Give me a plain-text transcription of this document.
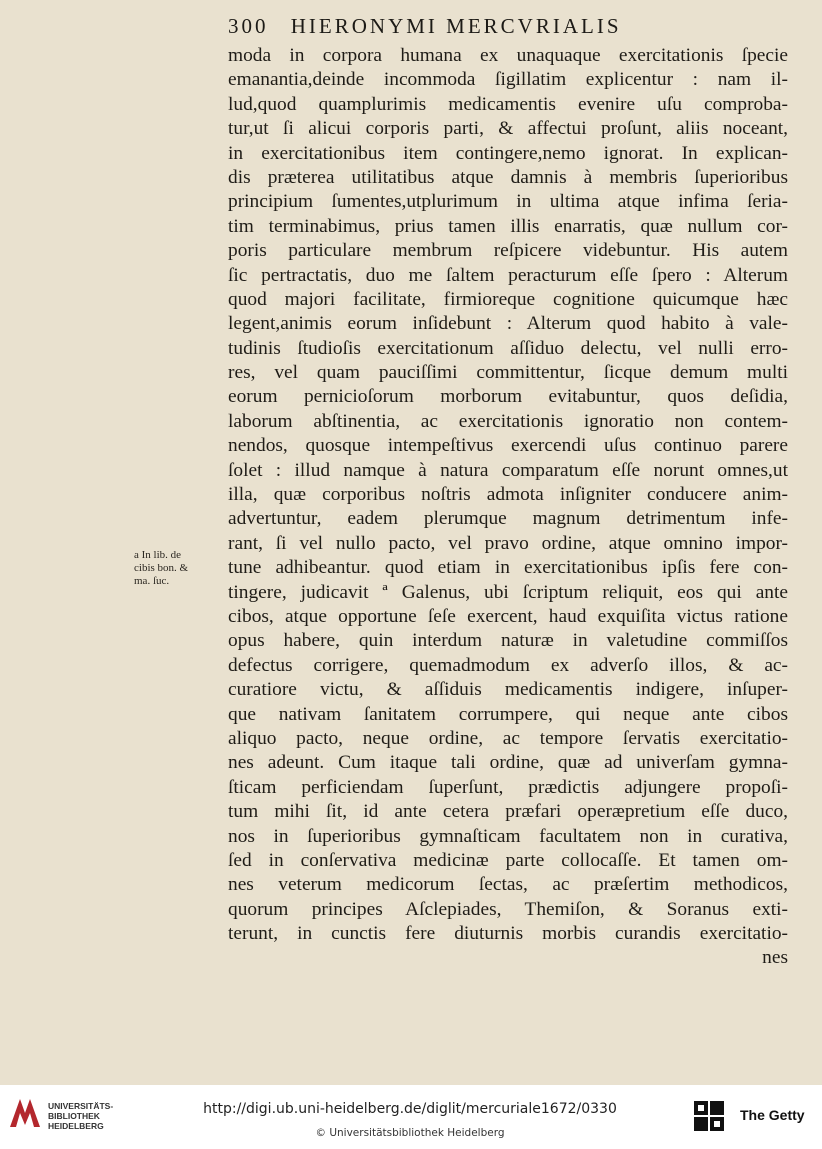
300 HIERONYMI MERCVRIALIS
a In lib. de
cibis bon. &
ma. ſuc.
moda in corpora humana ex unaquaque exercitationis ſpecie
emanantia,deinde incommoda ſigillatim explicentur : nam il-
lud,quod quamplurimis medicamentis evenire uſu comproba-
tur,ut ſi alicui corporis parti, & affectui proſunt, aliis noceant,
in exercitationibus item contingere,nemo ignorat. In explican-
dis præterea utilitatibus atque damnis à membris ſuperioribus
principium ſumentes,utplurimum in ultima atque infima ſeria-
tim terminabimus, prius tamen illis enarratis, quæ nullum cor-
poris particulare membrum reſpicere videbuntur. His autem
ſic pertractatis, duo me ſaltem peracturum eſſe ſpero : Alterum
quod majori facilitate, firmioreque cognitione quicumque hæc
legent,animis eorum inſidebunt : Alterum quod habito à vale-
tudinis ſtudioſis exercitationum aſſiduo delectu, vel nulli erro-
res, vel quam pauciſſimi committentur, ſicque demum multi
eorum pernicioſorum morborum evitabuntur, quos deſidia,
laborum abſtinentia, ac exercitationis ignoratio non contem-
nendos, quosque intempeſtivus exercendi uſus continuo parere
ſolet : illud namque à natura comparatum eſſe norunt omnes,ut
illa, quæ corporibus noſtris admota inſigniter conducere anim-
advertuntur, eadem plerumque magnum detrimentum infe-
rant, ſi vel nullo pacto, vel pravo ordine, atque omnino impor-
tune adhibeantur. quod etiam in exercitationibus ipſis fere con-
tingere, judicavit ª Galenus, ubi ſcriptum reliquit, eos qui ante
cibos, atque opportune ſeſe exercent, haud exquiſita victus ratione
opus habere, quin interdum naturæ in valetudine commiſſos
defectus corrigere, quemadmodum ex adverſo illos, & ac-
curatiore victu, & aſſiduis medicamentis indigere, inſuper-
que nativam ſanitatem corrumpere, qui neque ante cibos
aliquo pacto, neque ordine, ac tempore ſervatis exercitatio-
nes adeunt. Cum itaque tali ordine, quæ ad univerſam gymna-
ſticam perficiendam ſuperſunt, prædictis adjungere propoſi-
tum mihi ſit, id ante cetera præfari operæpretium eſſe duco,
nos in ſuperioribus gymnaſticam facultatem non in curativa,
ſed in conſervativa medicinæ parte collocaſſe. Et tamen om-
nes veterum medicorum ſectas, ac præſertim methodicos,
quorum principes Aſclepiades, Themiſon, & Soranus exti-
terunt, in cunctis fere diuturnis morbis curandis exercitatio-
nes
UNIVERSITÄTS-
BIBLIOTHEK
HEIDELBERG
http://digi.ub.uni-heidelberg.de/diglit/mercuriale1672/0330
© Universitätsbibliothek Heidelberg
The Getty
